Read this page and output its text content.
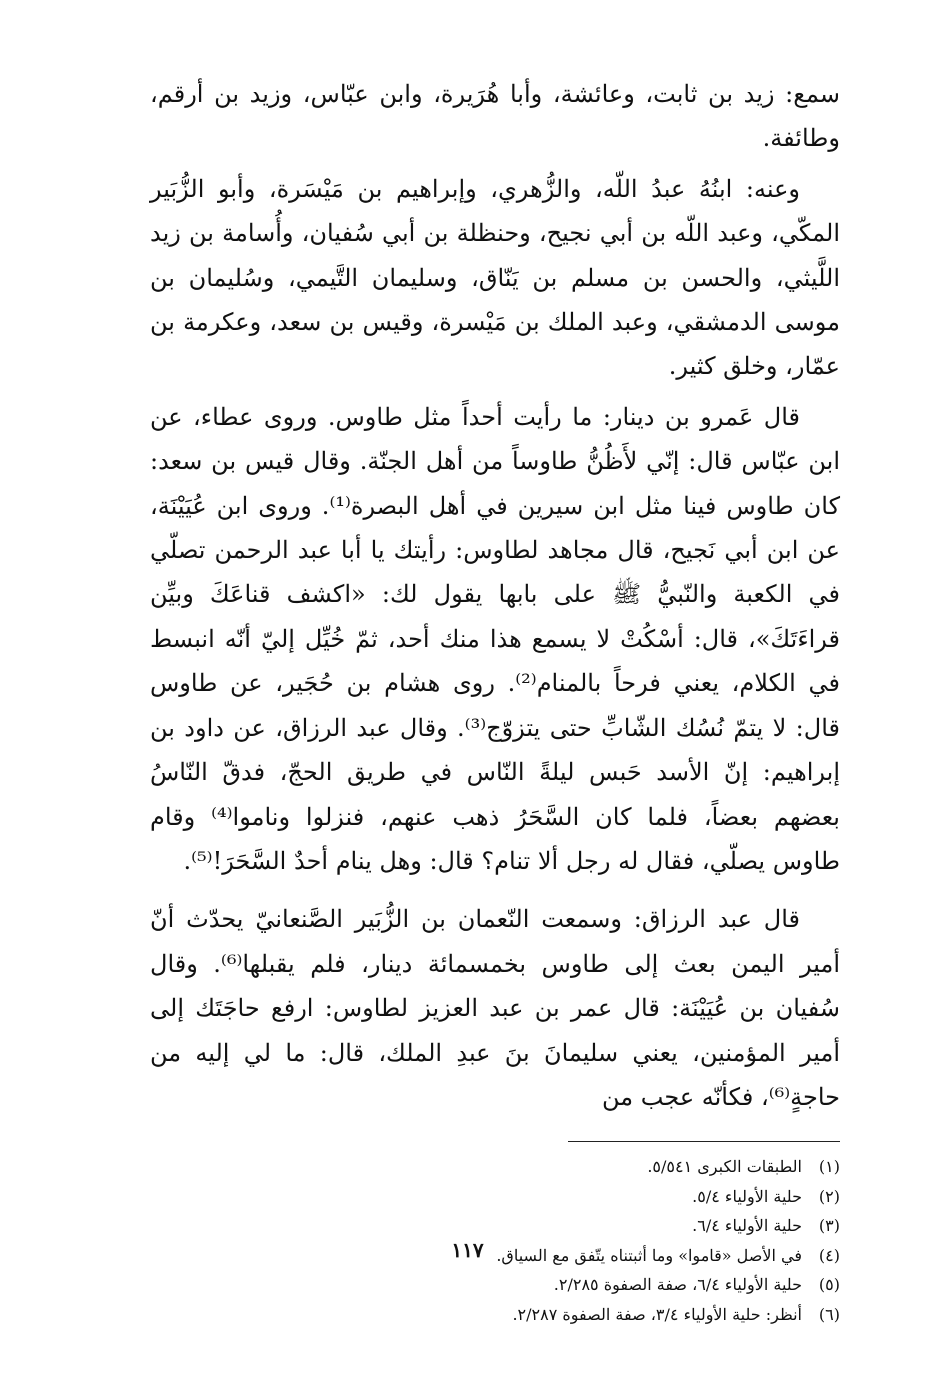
سمع: زيد بن ثابت، وعائشة، وأبا هُرَيرة، وابن عبّاس، وزيد بن أرقم، وطائفة.

وعنه: ابنُهُ عبدُ اللّه، والزُّهري، وإبراهيم بن مَيْسَرة، وأبو الزُّبَير المكّي، وعبد اللّه بن أبي نجيح، وحنظلة بن أبي سُفيان، وأُسامة بن زيد اللَّيثي، والحسن بن مسلم بن يَنّاق، وسليمان التَّيمي، وسُليمان بن موسى الدمشقي، وعبد الملك بن مَيْسرة، وقيس بن سعد، وعكرمة بن عمّار، وخلق كثير.

قال عَمرو بن دينار: ما رأيت أحداً مثل طاوس. وروى عطاء، عن ابن عبّاس قال: إنّي لأَظُنُّ طاوساً من أهل الجنّة. وقال قيس بن سعد: كان طاوس فينا مثل ابن سيرين في أهل البصرة⁽¹⁾. وروى ابن عُيَيْنَة، عن ابن أبي نَجيح، قال مجاهد لطاوس: رأيتك يا أبا عبد الرحمن تصلّي في الكعبة والنّبيُّ ﷺ على بابها يقول لك: «اكشف قناعَكَ وبيِّن قراءَتَكَ»، قال: أسْكُتْ لا يسمع هذا منك أحد، ثمّ خُيِّل إليّ أنّه انبسط في الكلام، يعني فرحاً بالمنام⁽²⁾. روى هشام بن حُجَير، عن طاوس قال: لا يتمّ نُسُك الشّابِّ حتى يتزوّج⁽³⁾. وقال عبد الرزاق، عن داود بن إبراهيم: إنّ الأسد حَبس ليلةً النّاس في طريق الحجّ، فدقّ النّاسُ بعضهم بعضاً، فلما كان السَّحَرُ ذهب عنهم، فنزلوا وناموا⁽⁴⁾ وقام طاوس يصلّي، فقال له رجل ألا تنام؟ قال: وهل ينام أحدٌ السَّحَرَ!⁽⁵⁾.

قال عبد الرزاق: وسمعت النّعمان بن الزُّبَير الصَّنعانيّ يحدّث أنّ أمير اليمن بعث إلى طاوس بخمسمائة دينار، فلم يقبلها⁽⁶⁾. وقال سُفيان بن عُيَيْنَة: قال عمر بن عبد العزيز لطاوس: ارفع حاجَتَك إلى أمير المؤمنين، يعني سليمانَ بنَ عبدِ الملك، قال: ما لي إليه من حاجةٍ⁽⁶⁾، فكأنّه عجب من

(١)
الطبقات الكبرى ٥/٥٤١.
(٢)
حلية الأولياء ٥/٤.
(٣)
حلية الأولياء ٦/٤.
(٤)
في الأصل «قاموا» وما أثبتناه يتّفق مع السياق.
(٥)
حلية الأولياء ٦/٤، صفة الصفوة ٢/٢٨٥.
(٦)
أنظر: حلية الأولياء ٣/٤، صفة الصفوة ٢/٢٨٧.
١١٧
